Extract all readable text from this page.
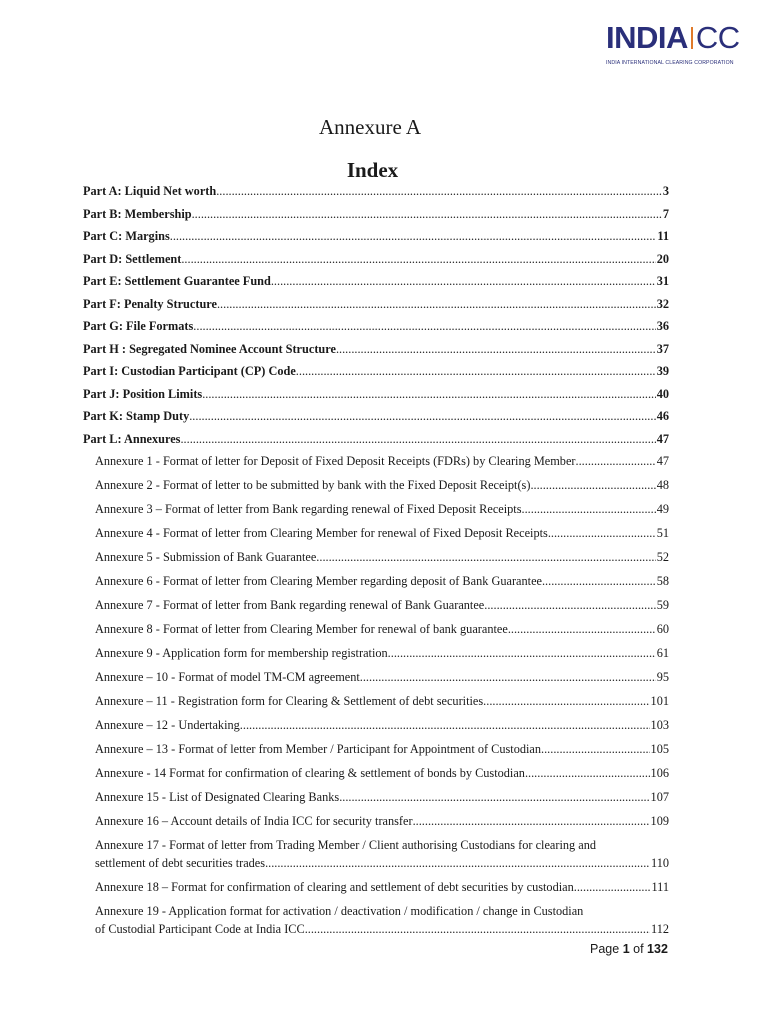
INDIA CC
INDIA INTERNATIONAL CLEARING CORPORATION
Annexure A
Index
Part A: Liquid Net worth .....	3
Part B: Membership .....	7
Part C: Margins .....	11
Part D: Settlement .....	20
Part E: Settlement Guarantee Fund .....	31
Part F: Penalty Structure .....	32
Part G: File Formats .....	36
Part H : Segregated Nominee Account Structure .....	37
Part I: Custodian Participant (CP) Code .....	39
Part J: Position Limits .....	40
Part K: Stamp Duty .....	46
Part L: Annexures .....	47
Annexure 1 - Format of letter for Deposit of Fixed Deposit Receipts (FDRs) by Clearing Member .....	47
Annexure 2 - Format of letter to be submitted by bank with the Fixed Deposit Receipt(s) .....	48
Annexure 3 – Format of letter from Bank regarding renewal of Fixed Deposit Receipts .....	49
Annexure 4 - Format of letter from Clearing Member for renewal of Fixed Deposit Receipts .....	51
Annexure 5 - Submission of Bank Guarantee .....	52
Annexure 6 - Format of letter from Clearing Member regarding deposit of Bank Guarantee .....	58
Annexure 7 - Format of letter from Bank regarding renewal of Bank Guarantee .....	59
Annexure 8 - Format of letter from Clearing Member for renewal of bank guarantee .....	60
Annexure 9 - Application form for membership registration .....	61
Annexure – 10 - Format of model TM-CM agreement .....	95
Annexure – 11 - Registration form for Clearing & Settlement of debt securities .....	101
Annexure – 12 - Undertaking .....	103
Annexure – 13 - Format of letter from Member / Participant for Appointment of Custodian .....	105
Annexure - 14 Format for confirmation of clearing & settlement of bonds by Custodian .....	106
Annexure 15 - List of Designated Clearing Banks .....	107
Annexure 16 – Account details of India ICC for security transfer .....	109
Annexure 17 - Format of letter from Trading Member / Client authorising Custodians for clearing and
settlement of debt securities trades .....	110
Annexure 18 – Format for confirmation of clearing and settlement of debt securities by custodian .....	111
Annexure 19 - Application format for activation / deactivation / modification / change in Custodian
of Custodial Participant Code at India ICC .....	112
Page 1 of 132
